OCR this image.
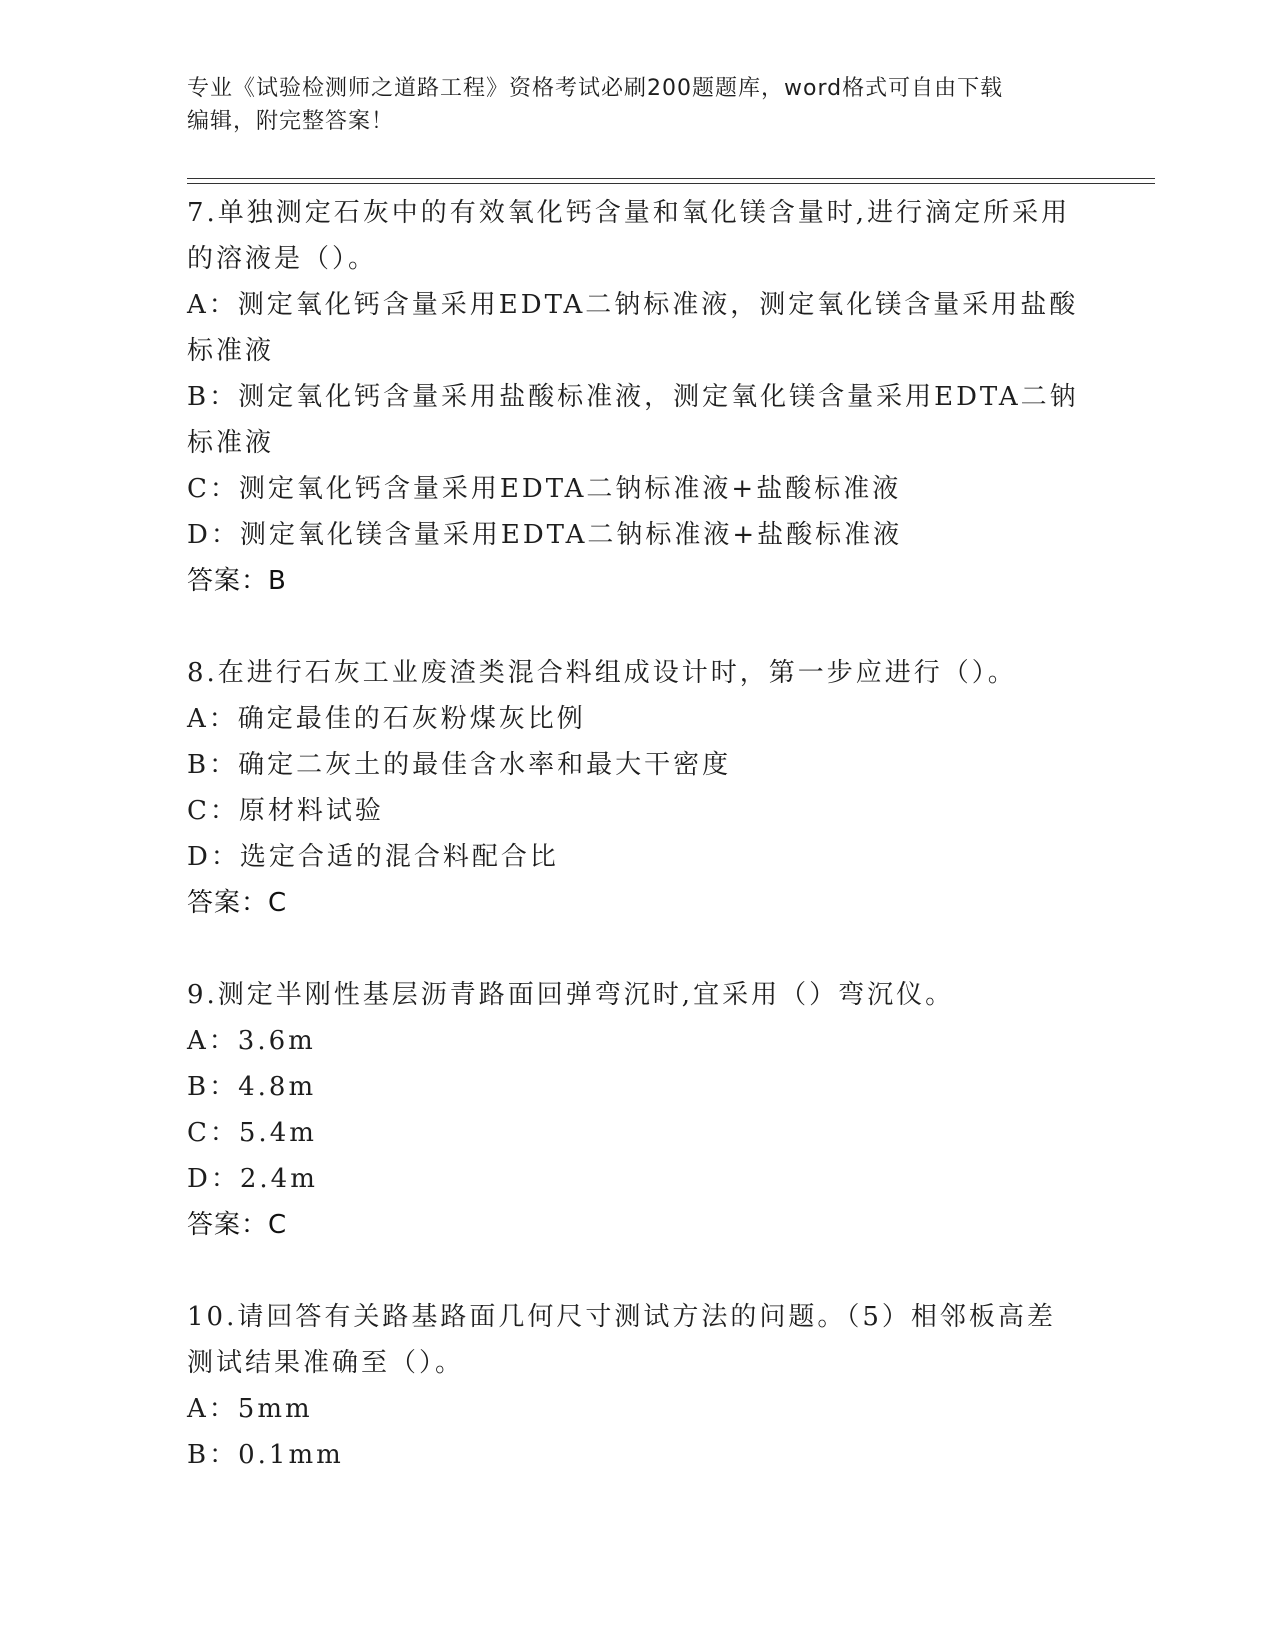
专业《试验检测师之道路工程》资格考试必刷200题题库，word格式可自由下载
编辑，附完整答案！
7.单独测定石灰中的有效氧化钙含量和氧化镁含量时,进行滴定所采用
的溶液是（）。
A：测定氧化钙含量采用EDTA二钠标准液，测定氧化镁含量采用盐酸
标准液
B：测定氧化钙含量采用盐酸标准液，测定氧化镁含量采用EDTA二钠
标准液
C：测定氧化钙含量采用EDTA二钠标准液+盐酸标准液
D：测定氧化镁含量采用EDTA二钠标准液+盐酸标准液
答案：B
8.在进行石灰工业废渣类混合料组成设计时，第一步应进行（）。
A：确定最佳的石灰粉煤灰比例
B：确定二灰土的最佳含水率和最大干密度
C：原材料试验
D：选定合适的混合料配合比
答案：C
9.测定半刚性基层沥青路面回弹弯沉时,宜采用（）弯沉仪。
A：3.6m
B：4.8m
C：5.4m
D：2.4m
答案：C
10.请回答有关路基路面几何尺寸测试方法的问题。（5）相邻板高差
测试结果准确至（）。
A：5mm
B：0.1mm
